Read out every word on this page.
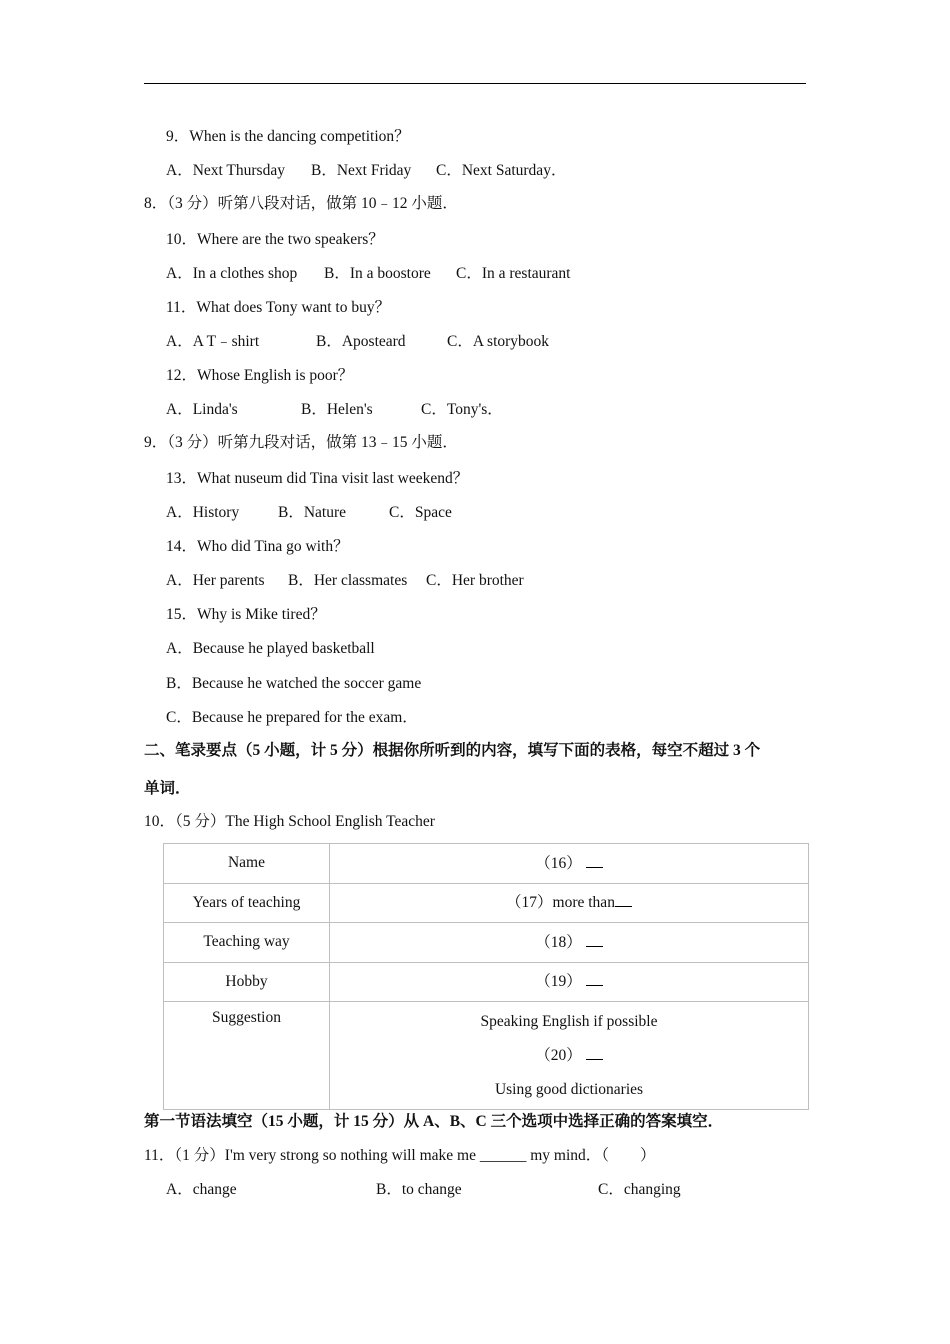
9．When is the dancing competition？
A．Next Thursday B．Next Friday C．Next Saturday．
8．（3 分）听第八段对话，做第 10﹣12 小题．
10．Where are the two speakers？
A．In a clothes shop B．In a boostore C．In a restaurant
11．What does Tony want to buy？
A．A T﹣shirt	B．Aposteard	C．A storybook
12．Whose English is poor？
A．Linda's	B．Helen's	C．Tony's．
9．（3 分）听第九段对话，做第 13﹣15 小题．
13．What nuseum did Tina visit last weekend？
A．History	B．Nature	C．Space
14．Who did Tina go with？
A．Her parents B．Her classmates C．Her brother
15．Why is Mike tired？
A．Because he played basketball
B．Because he watched the soccer game
C．Because he prepared for the exam．
二、笔录要点（5 小题，计 5 分）根据你所听到的内容，填写下面的表格，每空不超过 3 个
单词．
10．（5 分）The High School English Teacher
Name	（16）
Years of teaching	（17）more than
Teaching way	（18）
Hobby	（19）
Suggestion	Speaking English if possible
（20）
Using good dictionaries
第一节语法填空（15 小题，计 15 分）从 A、B、C 三个选项中选择正确的答案填空．
11．（1 分）I'm very strong so nothing will make me ______ my mind．（        ）
A．change	B．to change	C．changing
